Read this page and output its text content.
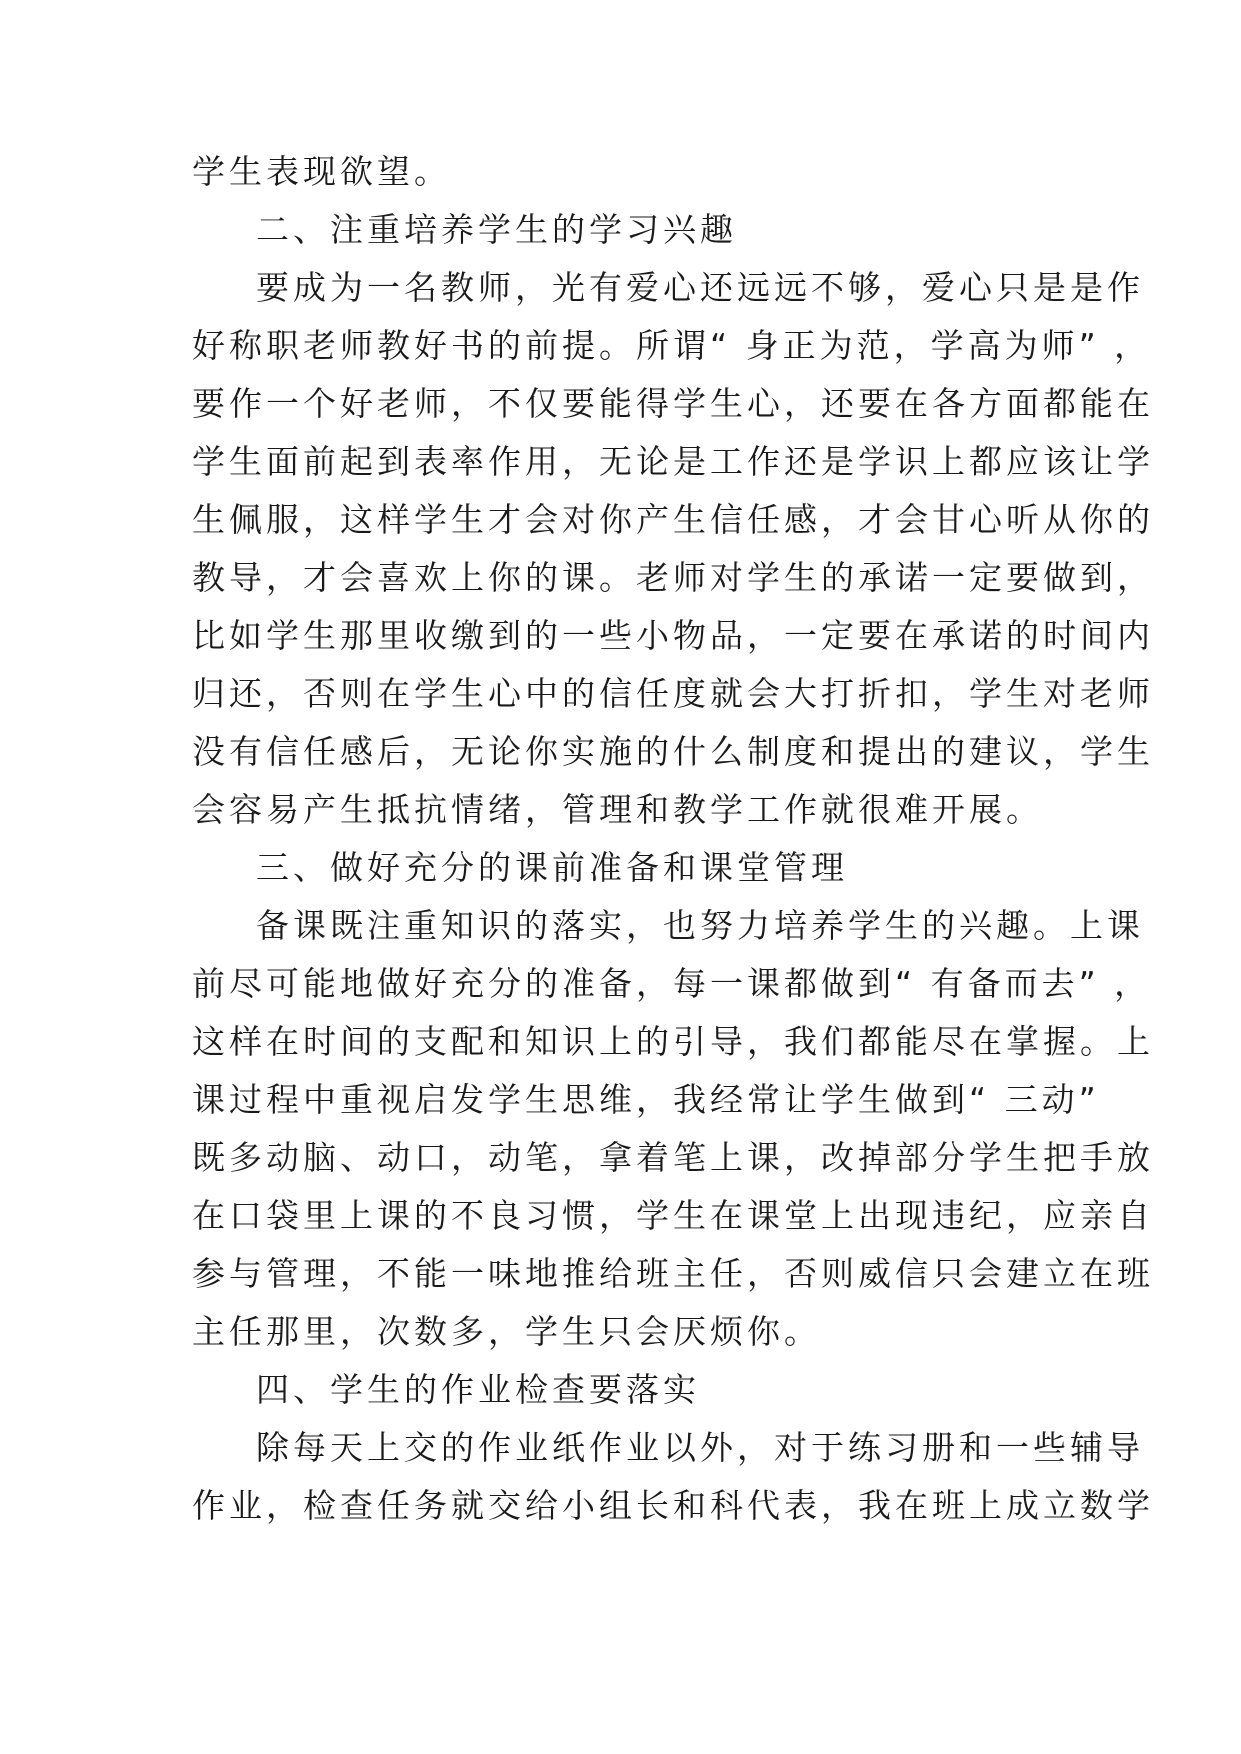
学生表现欲望。
二、注重培养学生的学习兴趣
要成为一名教师，光有爱心还远远不够，爱心只是是作
好称职老师教好书的前提。所谓“ 身正为范，学高为师” ，
要作一个好老师，不仅要能得学生心，还要在各方面都能在
学生面前起到表率作用，无论是工作还是学识上都应该让学
生佩服，这样学生才会对你产生信任感，才会甘心听从你的
教导，才会喜欢上你的课。老师对学生的承诺一定要做到，
比如学生那里收缴到的一些小物品，一定要在承诺的时间内
归还，否则在学生心中的信任度就会大打折扣，学生对老师
没有信任感后，无论你实施的什么制度和提出的建议，学生
会容易产生抵抗情绪，管理和教学工作就很难开展。
三、做好充分的课前准备和课堂管理
备课既注重知识的落实，也努力培养学生的兴趣。上课
前尽可能地做好充分的准备，每一课都做到“ 有备而去” ，
这样在时间的支配和知识上的引导，我们都能尽在掌握。上
课过程中重视启发学生思维，我经常让学生做到“ 三动”
既多动脑、动口，动笔，拿着笔上课，改掉部分学生把手放
在口袋里上课的不良习惯，学生在课堂上出现违纪，应亲自
参与管理，不能一味地推给班主任，否则威信只会建立在班
主任那里，次数多，学生只会厌烦你。
四、学生的作业检查要落实
除每天上交的作业纸作业以外，对于练习册和一些辅导
作业，检查任务就交给小组长和科代表，我在班上成立数学
